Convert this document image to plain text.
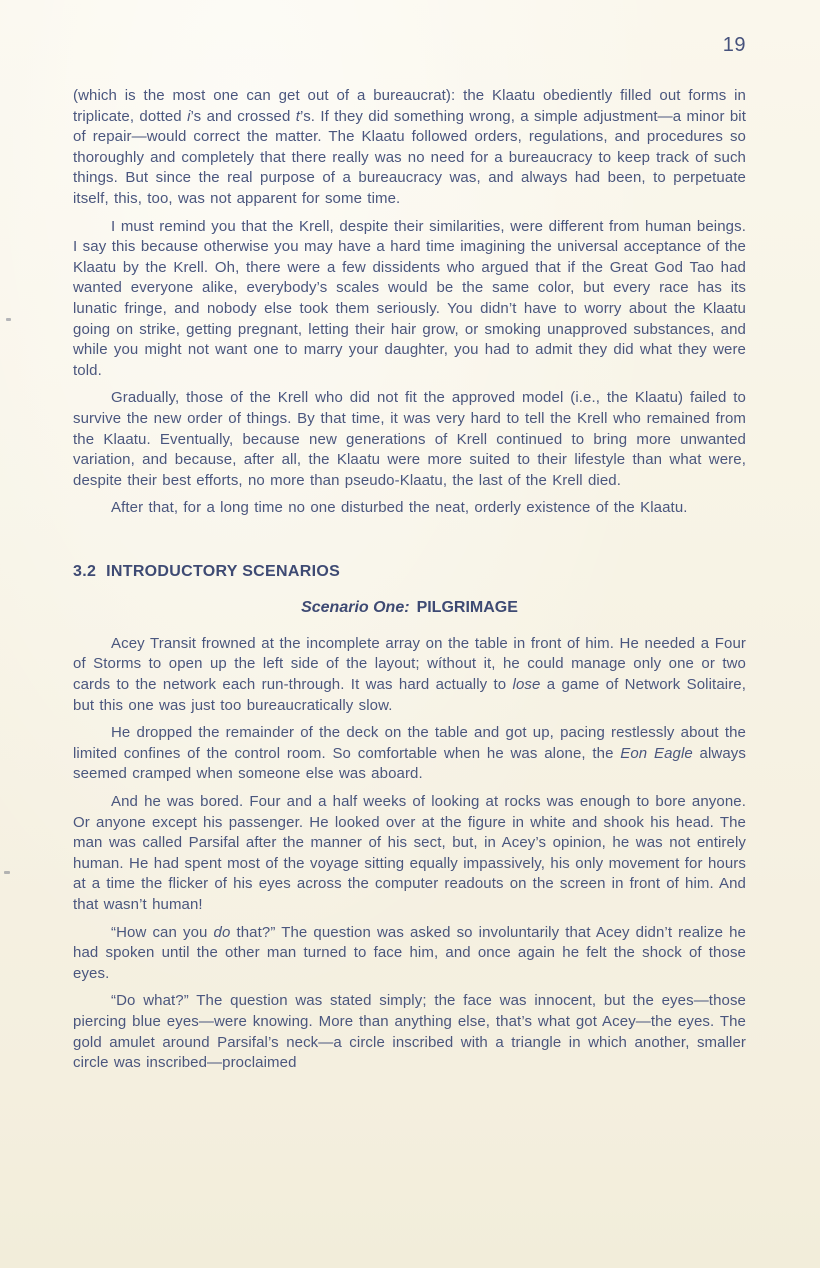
19

(which is the most one can get out of a bureaucrat): the Klaatu obediently filled out forms in triplicate, dotted i’s and crossed t’s. If they did something wrong, a simple adjustment—a minor bit of repair—would correct the matter. The Klaatu followed orders, regulations, and procedures so thoroughly and completely that there really was no need for a bureaucracy to keep track of such things. But since the real purpose of a bureaucracy was, and always had been, to perpetuate itself, this, too, was not apparent for some time.

I must remind you that the Krell, despite their similarities, were different from human beings. I say this because otherwise you may have a hard time imagining the universal acceptance of the Klaatu by the Krell. Oh, there were a few dissidents who argued that if the Great God Tao had wanted everyone alike, everybody’s scales would be the same color, but every race has its lunatic fringe, and nobody else took them seriously. You didn’t have to worry about the Klaatu going on strike, getting pregnant, letting their hair grow, or smoking unapproved substances, and while you might not want one to marry your daughter, you had to admit they did what they were told.

Gradually, those of the Krell who did not fit the approved model (i.e., the Klaatu) failed to survive the new order of things. By that time, it was very hard to tell the Krell who remained from the Klaatu. Eventually, because new generations of Krell continued to bring more unwanted variation, and because, after all, the Klaatu were more suited to their lifestyle than what were, despite their best efforts, no more than pseudo-Klaatu, the last of the Krell died.

After that, for a long time no one disturbed the neat, orderly existence of the Klaatu.

3.2 INTRODUCTORY SCENARIOS
Scenario One: PILGRIMAGE

Acey Transit frowned at the incomplete array on the table in front of him. He needed a Four of Storms to open up the left side of the layout; wíthout it, he could manage only one or two cards to the network each run-through. It was hard actually to lose a game of Network Solitaire, but this one was just too bureaucratically slow.

He dropped the remainder of the deck on the table and got up, pacing restlessly about the limited confines of the control room. So comfortable when he was alone, the Eon Eagle always seemed cramped when someone else was aboard.

And he was bored. Four and a half weeks of looking at rocks was enough to bore anyone. Or anyone except his passenger. He looked over at the figure in white and shook his head. The man was called Parsifal after the manner of his sect, but, in Acey’s opinion, he was not entirely human. He had spent most of the voyage sitting equally impassively, his only movement for hours at a time the flicker of his eyes across the computer readouts on the screen in front of him. And that wasn’t human!

“How can you do that?” The question was asked so involuntarily that Acey didn’t realize he had spoken until the other man turned to face him, and once again he felt the shock of those eyes.

“Do what?” The question was stated simply; the face was innocent, but the eyes—those piercing blue eyes—were knowing. More than anything else, that’s what got Acey—the eyes. The gold amulet around Parsifal’s neck—a circle inscribed with a triangle in which another, smaller circle was inscribed—proclaimed
